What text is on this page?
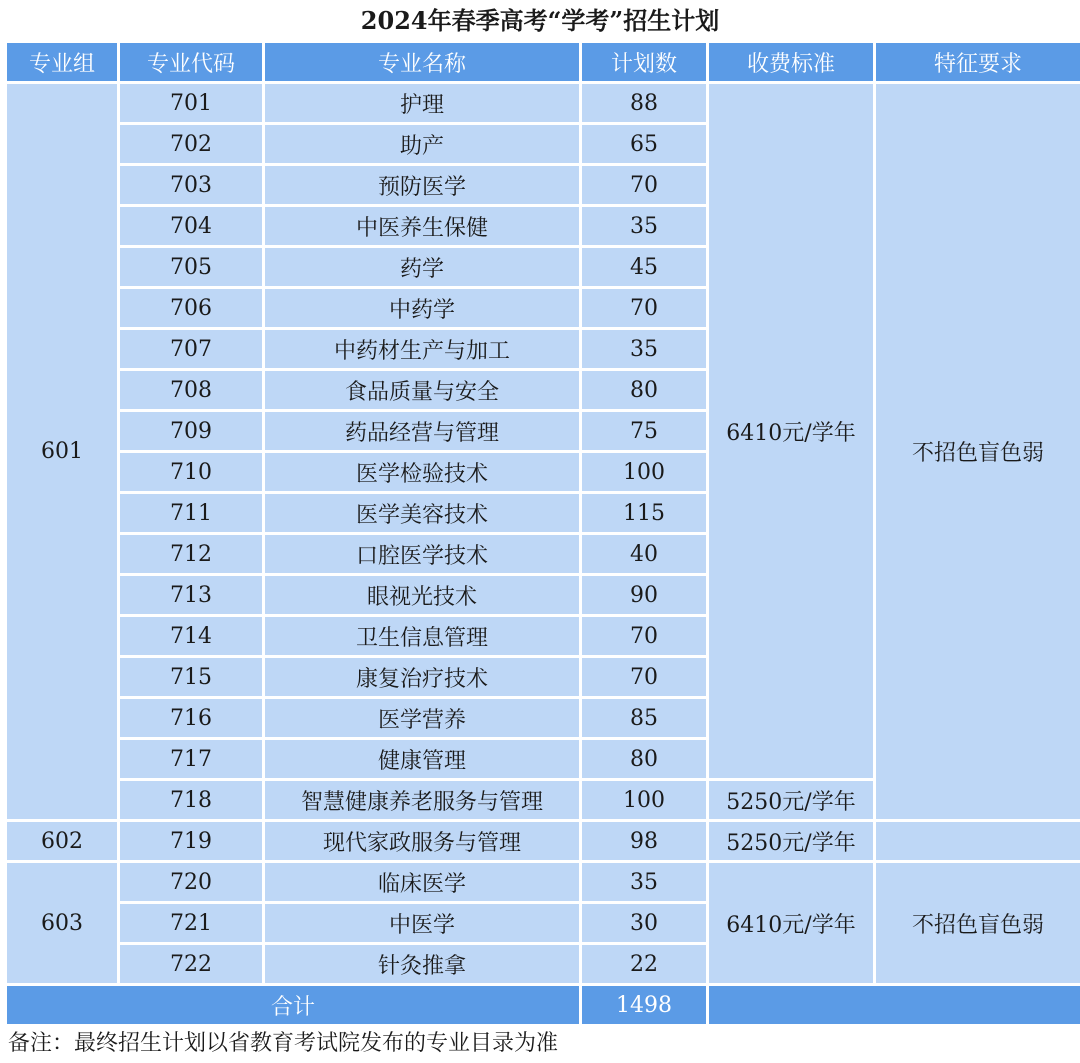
2024年春季高考“学考”招生计划
专业组	专业代码	专业名称	计划数	收费标准	特征要求
601	701	护理	88	6410元/学年	不招色盲色弱
	702	助产	65		
	703	预防医学	70		
	704	中医养生保健	35		
	705	药学	45		
	706	中药学	70		
	707	中药材生产与加工	35		
	708	食品质量与安全	80		
	709	药品经营与管理	75		
	710	医学检验技术	100		
	711	医学美容技术	115		
	712	口腔医学技术	40		
	713	眼视光技术	90		
	714	卫生信息管理	70		
	715	康复治疗技术	70		
	716	医学营养	85		
	717	健康管理	80		
	718	智慧健康养老服务与管理	100	5250元/学年	
602	719	现代家政服务与管理	98	5250元/学年	
603	720	临床医学	35	6410元/学年	不招色盲色弱
	721	中医学	30		
	722	针灸推拿	22		
合计			1498		
备注：最终招生计划以省教育考试院发布的专业目录为准
